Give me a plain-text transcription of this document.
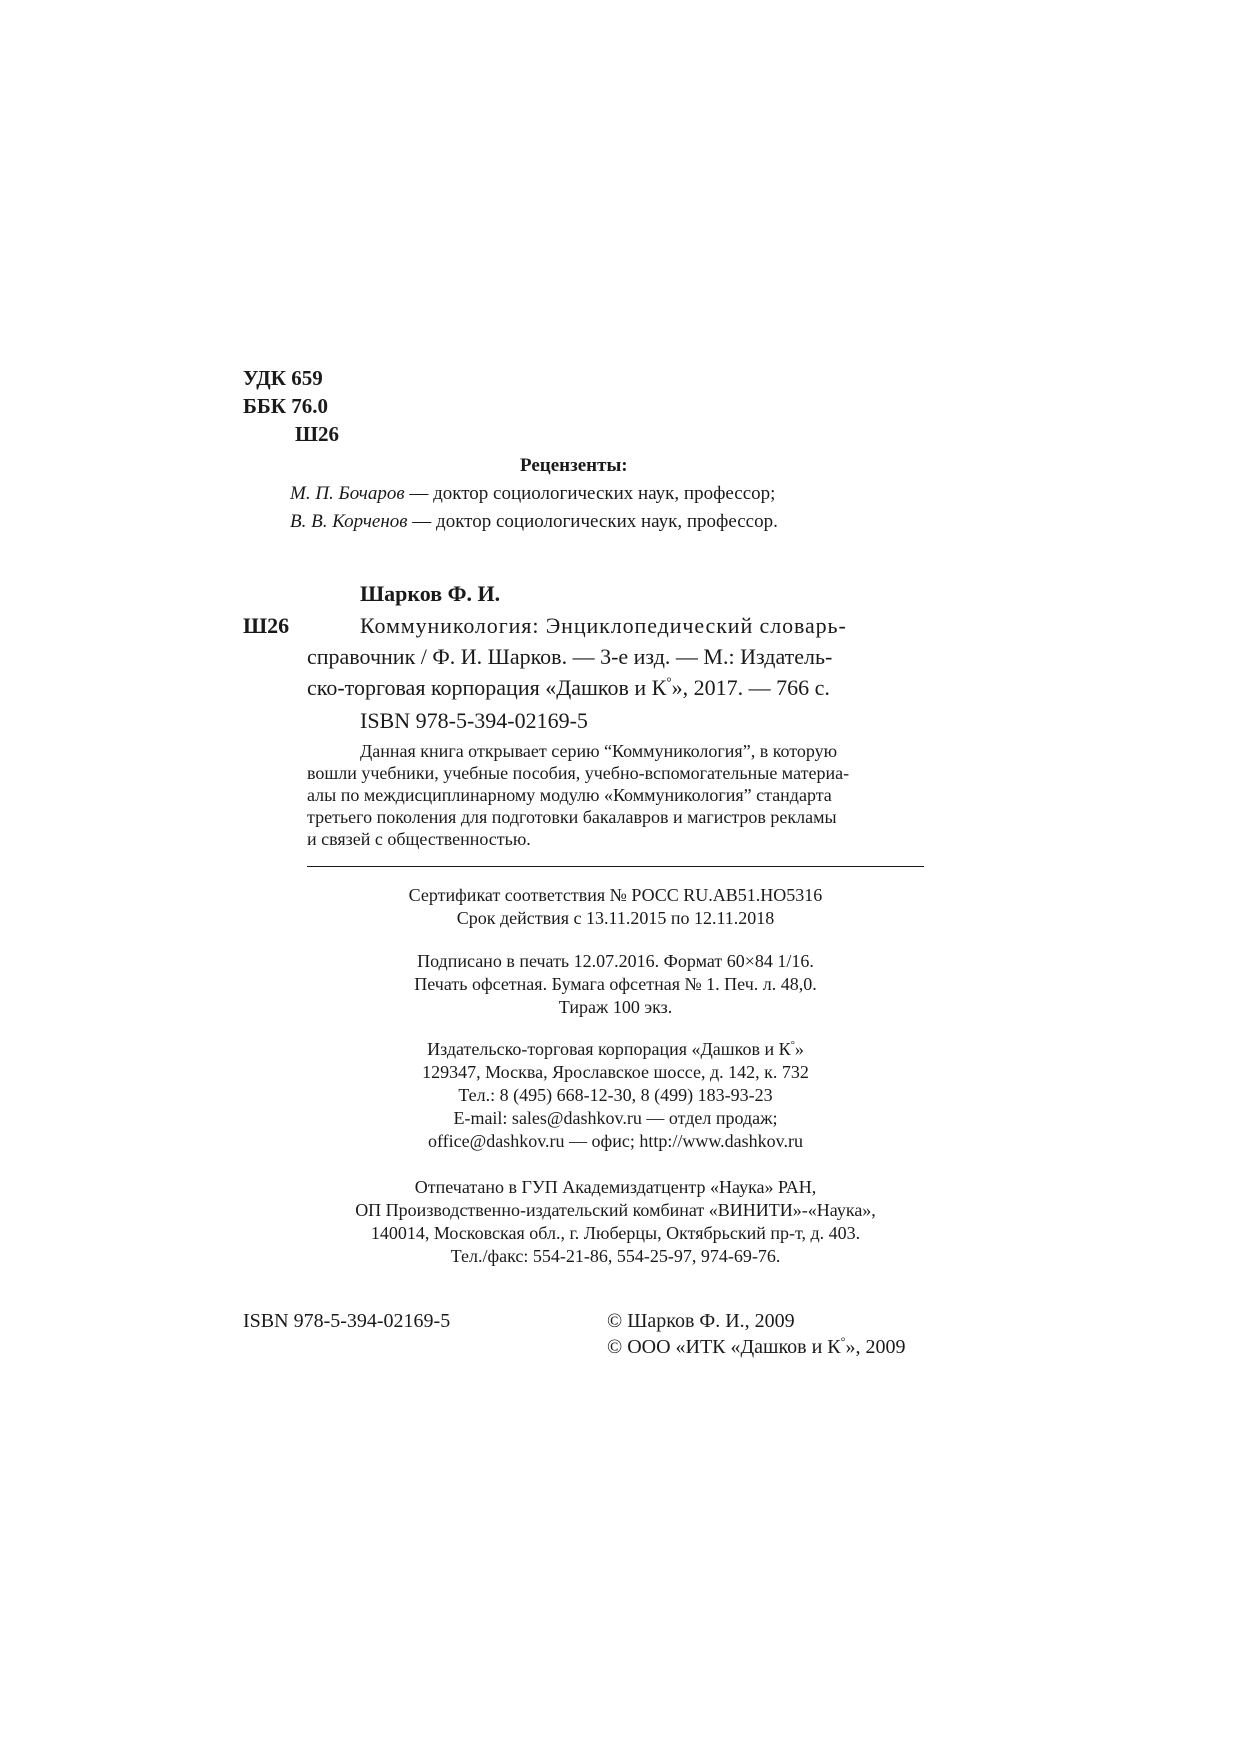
УДК 659
ББК 76.0
Ш26
Рецензенты:
М. П. Бочаров — доктор социологических наук, профессор;
В. В. Корченов — доктор социологических наук, профессор.
Шарков Ф. И.
Ш26	Коммуникология: Энциклопедический словарь-
справочник / Ф. И. Шарков. — 3-е изд. — М.: Издатель-
ско-торговая корпорация «Дашков и К°», 2017. — 766 с.
ISBN 978-5-394-02169-5
Данная книга открывает серию “Коммуникология”, в которую
вошли учебники, учебные пособия, учебно-вспомогательные материа-
алы по междисциплинарному модулю «Коммуникология” стандарта
третьего поколения для подготовки бакалавров и магистров рекламы
и связей с общественностью.
Сертификат соответствия № РОСС RU.АВ51.НО5316
Срок действия с 13.11.2015 по 12.11.2018
Подписано в печать 12.07.2016. Формат 60×84 1/16.
Печать офсетная. Бумага офсетная № 1. Печ. л. 48,0.
Тираж 100 экз.
Издательско-торговая корпорация «Дашков и К°»
129347, Москва, Ярославское шоссе, д. 142, к. 732
Тел.: 8 (495) 668-12-30, 8 (499) 183-93-23
E-mail: sales@dashkov.ru — отдел продаж;
office@dashkov.ru — офис; http://www.dashkov.ru
Отпечатано в ГУП Академиздатцентр «Наука» РАН,
ОП Производственно-издательский комбинат «ВИНИТИ»-«Наука»,
140014, Московская обл., г. Люберцы, Октябрьский пр-т, д. 403.
Тел./факс: 554-21-86, 554-25-97, 974-69-76.
ISBN 978-5-394-02169-5	© Шарков Ф. И., 2009
© ООО «ИТК «Дашков и К°», 2009
